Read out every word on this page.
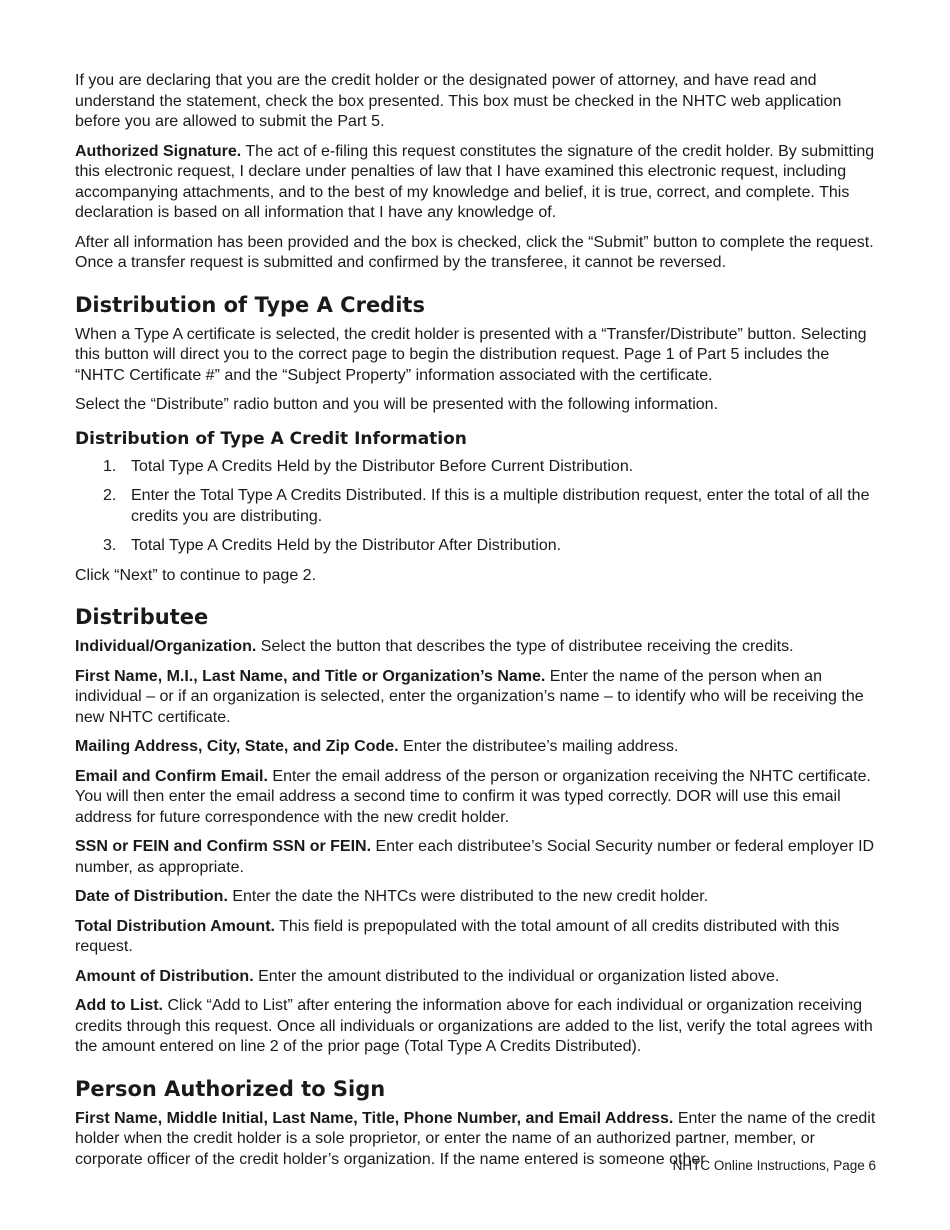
If you are declaring that you are the credit holder or the designated power of attorney, and have read and understand the statement, check the box presented. This box must be checked in the NHTC web application before you are allowed to submit the Part 5.

Authorized Signature. The act of e-filing this request constitutes the signature of the credit holder. By submitting this electronic request, I declare under penalties of law that I have examined this electronic request, including accompanying attachments, and to the best of my knowledge and belief, it is true, correct, and complete. This declaration is based on all information that I have any knowledge of.

After all information has been provided and the box is checked, click the “Submit” button to complete the request. Once a transfer request is submitted and confirmed by the transferee, it cannot be reversed.

Distribution of Type A Credits

When a Type A certificate is selected, the credit holder is presented with a “Transfer/Distribute” button. Selecting this button will direct you to the correct page to begin the distribution request. Page 1 of Part 5 includes the “NHTC Certificate #” and the “Subject Property” information associated with the certificate.

Select the “Distribute” radio button and you will be presented with the following information.

Distribution of Type A Credit Information
1. Total Type A Credits Held by the Distributor Before Current Distribution.
2. Enter the Total Type A Credits Distributed. If this is a multiple distribution request, enter the total of all the credits you are distributing.
3. Total Type A Credits Held by the Distributor After Distribution.

Click “Next” to continue to page 2.

Distributee

Individual/Organization. Select the button that describes the type of distributee receiving the credits.

First Name, M.I., Last Name, and Title or Organization’s Name. Enter the name of the person when an individual – or if an organization is selected, enter the organization’s name – to identify who will be receiving the new NHTC certificate.

Mailing Address, City, State, and Zip Code. Enter the distributee’s mailing address.

Email and Confirm Email. Enter the email address of the person or organization receiving the NHTC certificate. You will then enter the email address a second time to confirm it was typed correctly. DOR will use this email address for future correspondence with the new credit holder.

SSN or FEIN and Confirm SSN or FEIN. Enter each distributee’s Social Security number or federal employer ID number, as appropriate.

Date of Distribution. Enter the date the NHTCs were distributed to the new credit holder.

Total Distribution Amount. This field is prepopulated with the total amount of all credits distributed with this request.

Amount of Distribution. Enter the amount distributed to the individual or organization listed above.

Add to List. Click “Add to List” after entering the information above for each individual or organization receiving credits through this request. Once all individuals or organizations are added to the list, verify the total agrees with the amount entered on line 2 of the prior page (Total Type A Credits Distributed).

Person Authorized to Sign

First Name, Middle Initial, Last Name, Title, Phone Number, and Email Address. Enter the name of the credit holder when the credit holder is a sole proprietor, or enter the name of an authorized partner, member, or corporate officer of the credit holder’s organization. If the name entered is someone other

NHTC Online Instructions, Page 6
